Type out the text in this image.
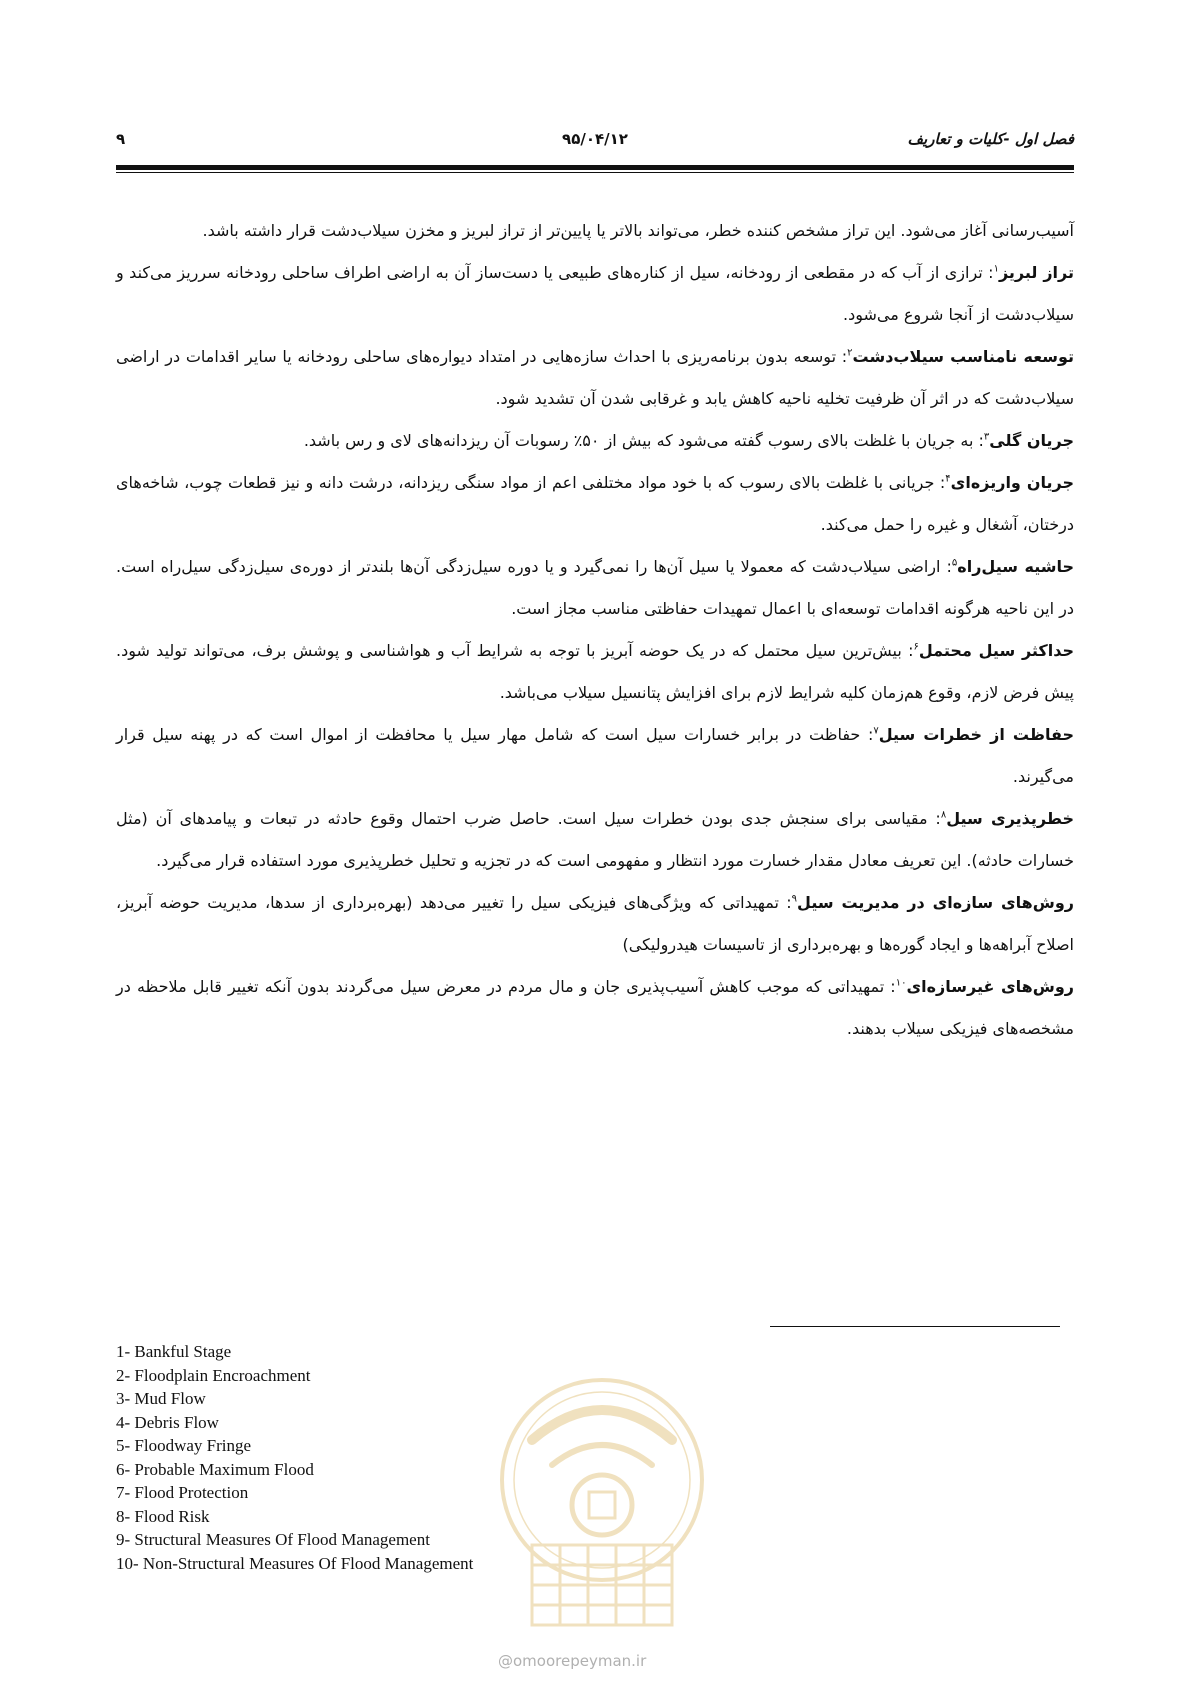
۹	۹۵/۰۴/۱۲	فصل اول -کلیات و تعاریف

آسیب‌رسانی آغاز می‌شود. این تراز مشخص کننده خطر، می‌تواند بالاتر یا پایین‌تر از تراز لبریز و مخزن سیلاب‌دشت قرار داشته باشد.

تراز لبریز$^۱$: ترازی از آب که در مقطعی از رودخانه، سیل از کناره‌های طبیعی یا دست‌ساز آن به اراضی اطراف ساحلی رودخانه سرریز می‌کند و سیلاب‌دشت از آنجا شروع می‌شود.

توسعه نامناسب سیلاب‌دشت$^۲$: توسعه بدون برنامه‌ریزی با احداث سازه‌هایی در امتداد دیواره‌های ساحلی رودخانه یا سایر اقدامات در اراضی سیلاب‌دشت که در اثر آن ظرفیت تخلیه ناحیه کاهش یابد و غرقابی شدن آن تشدید شود.

جریان گلی$^۳$: به جریان با غلظت بالای رسوب گفته می‌شود که بیش از ۵۰٪ رسوبات آن ریزدانه‌های لای و رس باشد.

جریان واریزه‌ای$^۴$: جریانی با غلظت بالای رسوب که با خود مواد مختلفی اعم از مواد سنگی ریزدانه، درشت دانه و نیز قطعات چوب، شاخه‌های درختان، آشغال و غیره را حمل می‌کند.

حاشیه سیل‌راه$^۵$: اراضی سیلاب‌دشت که معمولا یا سیل آن‌ها را نمی‌گیرد و یا دوره سیل‌زدگی آن‌ها بلندتر از دوره‌ی سیل‌زدگی سیل‌راه است. در این ناحیه هرگونه اقدامات توسعه‌ای با اعمال تمهیدات حفاظتی مناسب مجاز است.

حداکثر سیل محتمل$^۶$: بیش‌ترین سیل محتمل که در یک حوضه آبریز با توجه به شرایط آب و هواشناسی و پوشش برف، می‌تواند تولید شود. پیش فرض لازم، وقوع هم‌زمان کلیه شرایط لازم برای افزایش پتانسیل سیلاب می‌باشد.

حفاظت از خطرات سیل$^۷$: حفاظت در برابر خسارات سیل است که شامل مهار سیل یا محافظت از اموال است که در پهنه سیل قرار می‌گیرند.

خطرپذیری سیل$^۸$: مقیاسی برای سنجش جدی بودن خطرات سیل است. حاصل ضرب احتمال وقوع حادثه در تبعات و پیامدهای آن (مثل خسارات حادثه). این تعریف معادل مقدار خسارت مورد انتظار و مفهومی است که در تجزیه و تحلیل خطرپذیری مورد استفاده قرار می‌گیرد.

روش‌های سازه‌ای در مدیریت سیل$^۹$: تمهیداتی که ویژگی‌های فیزیکی سیل را تغییر می‌دهد (بهره‌برداری از سدها، مدیریت حوضه آبریز، اصلاح آبراهه‌ها و ایجاد گوره‌ها و بهره‌برداری از تاسیسات هیدرولیکی)

روش‌های غیرسازه‌ای$^{۱۰}$: تمهیداتی که موجب کاهش آسیب‌پذیری جان و مال مردم در معرض سیل می‌گردند بدون آنکه تغییر قابل ملاحظه در مشخصه‌های فیزیکی سیلاب بدهند.

1- Bankful Stage
2- Floodplain Encroachment
3- Mud Flow
4- Debris Flow
5- Floodway Fringe
6- Probable Maximum Flood
7- Flood Protection
8- Flood Risk
9- Structural Measures Of Flood Management
10- Non-Structural Measures Of Flood Management
@omoorepeyman.ir
